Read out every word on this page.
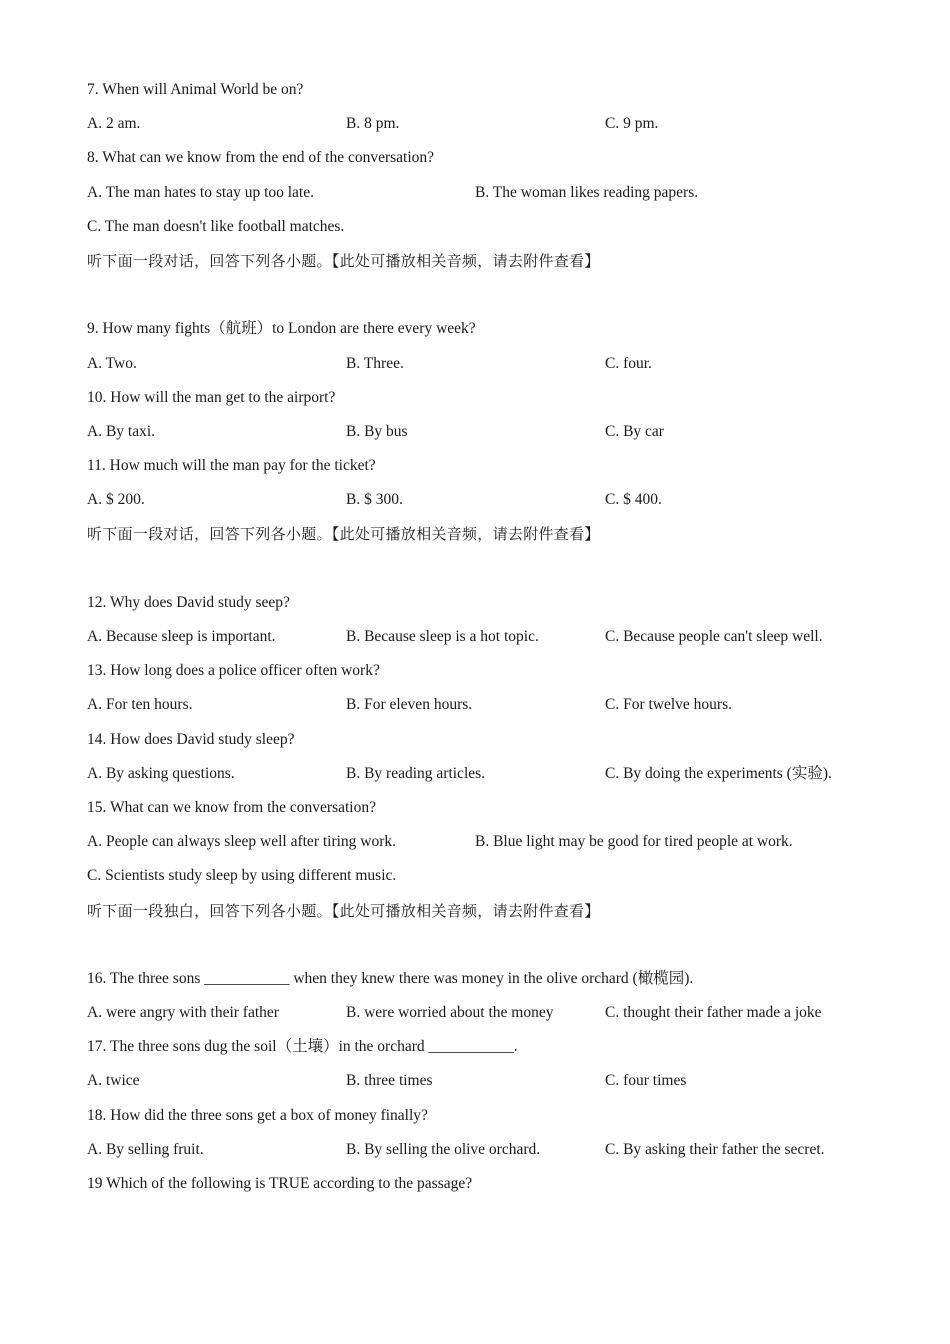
7. When will Animal World be on?
A. 2 am.	B. 8 pm.	C. 9 pm.
8. What can we know from the end of the conversation?
A. The man hates to stay up too late.	B. The woman likes reading papers.
C. The man doesn't like football matches.
听下面一段对话，回答下列各小题。【此处可播放相关音频，请去附件查看】
9. How many fights（航班）to London are there every week?
A. Two.	B. Three.	C. four.
10. How will the man get to the airport?
A. By taxi.	B. By bus	C. By car
11. How much will the man pay for the ticket?
A. $ 200.	B. $ 300.	C. $ 400.
听下面一段对话，回答下列各小题。【此处可播放相关音频，请去附件查看】
12. Why does David study seep?
A. Because sleep is important.	B. Because sleep is a hot topic.	C. Because people can't sleep well.
13. How long does a police officer often work?
A. For ten hours.	B. For eleven hours.	C. For twelve hours.
14. How does David study sleep?
A. By asking questions.	B. By reading articles.	C. By doing the experiments (实验).
15. What can we know from the conversation?
A. People can always sleep well after tiring work.	B. Blue light may be good for tired people at work.
C. Scientists study sleep by using different music.
听下面一段独白，回答下列各小题。【此处可播放相关音频，请去附件查看】
16. The three sons ___________ when they knew there was money in the olive orchard (橄榄园).
A. were angry with their father	B. were worried about the money	C. thought their father made a joke
17. The three sons dug the soil（土壤）in the orchard ___________.
A. twice	B. three times	C. four times
18. How did the three sons get a box of money finally?
A. By selling fruit.	B. By selling the olive orchard.	C. By asking their father the secret.
19 Which of the following is TRUE according to the passage?
